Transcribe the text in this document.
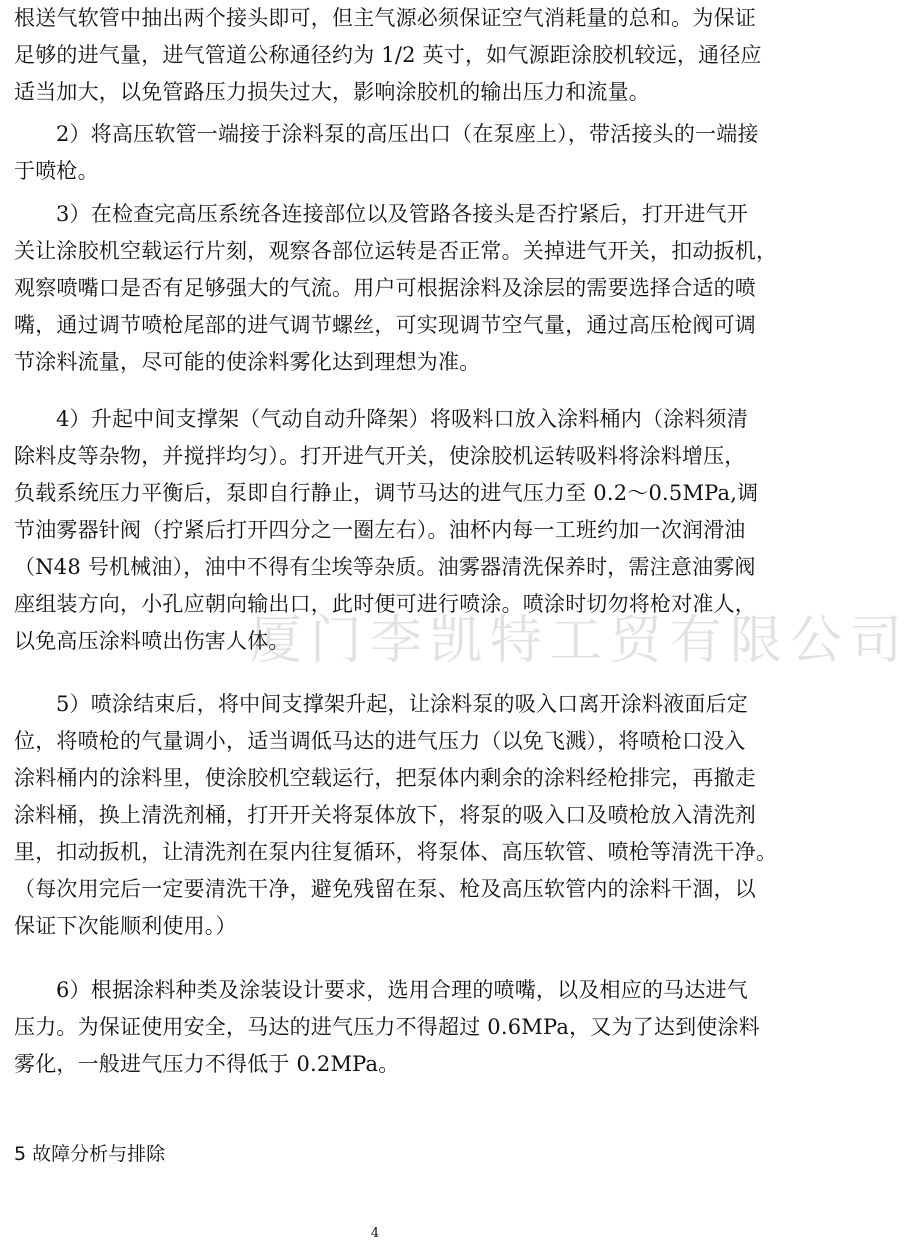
厦门李凯特工贸有限公司
根送气软管中抽出两个接头即可，但主气源必须保证空气消耗量的总和。为保证
足够的进气量，进气管道公称通径约为 1/2 英寸，如气源距涂胶机较远，通径应
适当加大，以免管路压力损失过大，影响涂胶机的输出压力和流量。
2）将高压软管一端接于涂料泵的高压出口（在泵座上），带活接头的一端接
于喷枪。
3）在检查完高压系统各连接部位以及管路各接头是否拧紧后，打开进气开
关让涂胶机空载运行片刻，观察各部位运转是否正常。关掉进气开关，扣动扳机，
观察喷嘴口是否有足够强大的气流。用户可根据涂料及涂层的需要选择合适的喷
嘴，通过调节喷枪尾部的进气调节螺丝，可实现调节空气量，通过高压枪阀可调
节涂料流量，尽可能的使涂料雾化达到理想为准。
4）升起中间支撑架（气动自动升降架）将吸料口放入涂料桶内（涂料须清
除料皮等杂物，并搅拌均匀）。打开进气开关，使涂胶机运转吸料将涂料增压，
负载系统压力平衡后，泵即自行静止，调节马达的进气压力至 0.2～0.5MPa,调
节油雾器针阀（拧紧后打开四分之一圈左右）。油杯内每一工班约加一次润滑油
（N48 号机械油），油中不得有尘埃等杂质。油雾器清洗保养时，需注意油雾阀
座组装方向，小孔应朝向输出口，此时便可进行喷涂。喷涂时切勿将枪对准人，
以免高压涂料喷出伤害人体。
5）喷涂结束后，将中间支撑架升起，让涂料泵的吸入口离开涂料液面后定
位，将喷枪的气量调小，适当调低马达的进气压力（以免飞溅），将喷枪口没入
涂料桶内的涂料里，使涂胶机空载运行，把泵体内剩余的涂料经枪排完，再撤走
涂料桶，换上清洗剂桶，打开开关将泵体放下，将泵的吸入口及喷枪放入清洗剂
里，扣动扳机，让清洗剂在泵内往复循环，将泵体、高压软管、喷枪等清洗干净。
（每次用完后一定要清洗干净，避免残留在泵、枪及高压软管内的涂料干涸，以
保证下次能顺利使用。）
6）根据涂料种类及涂装设计要求，选用合理的喷嘴，以及相应的马达进气
压力。为保证使用安全，马达的进气压力不得超过 0.6MPa，又为了达到使涂料
雾化，一般进气压力不得低于 0.2MPa。
5 故障分析与排除
4
